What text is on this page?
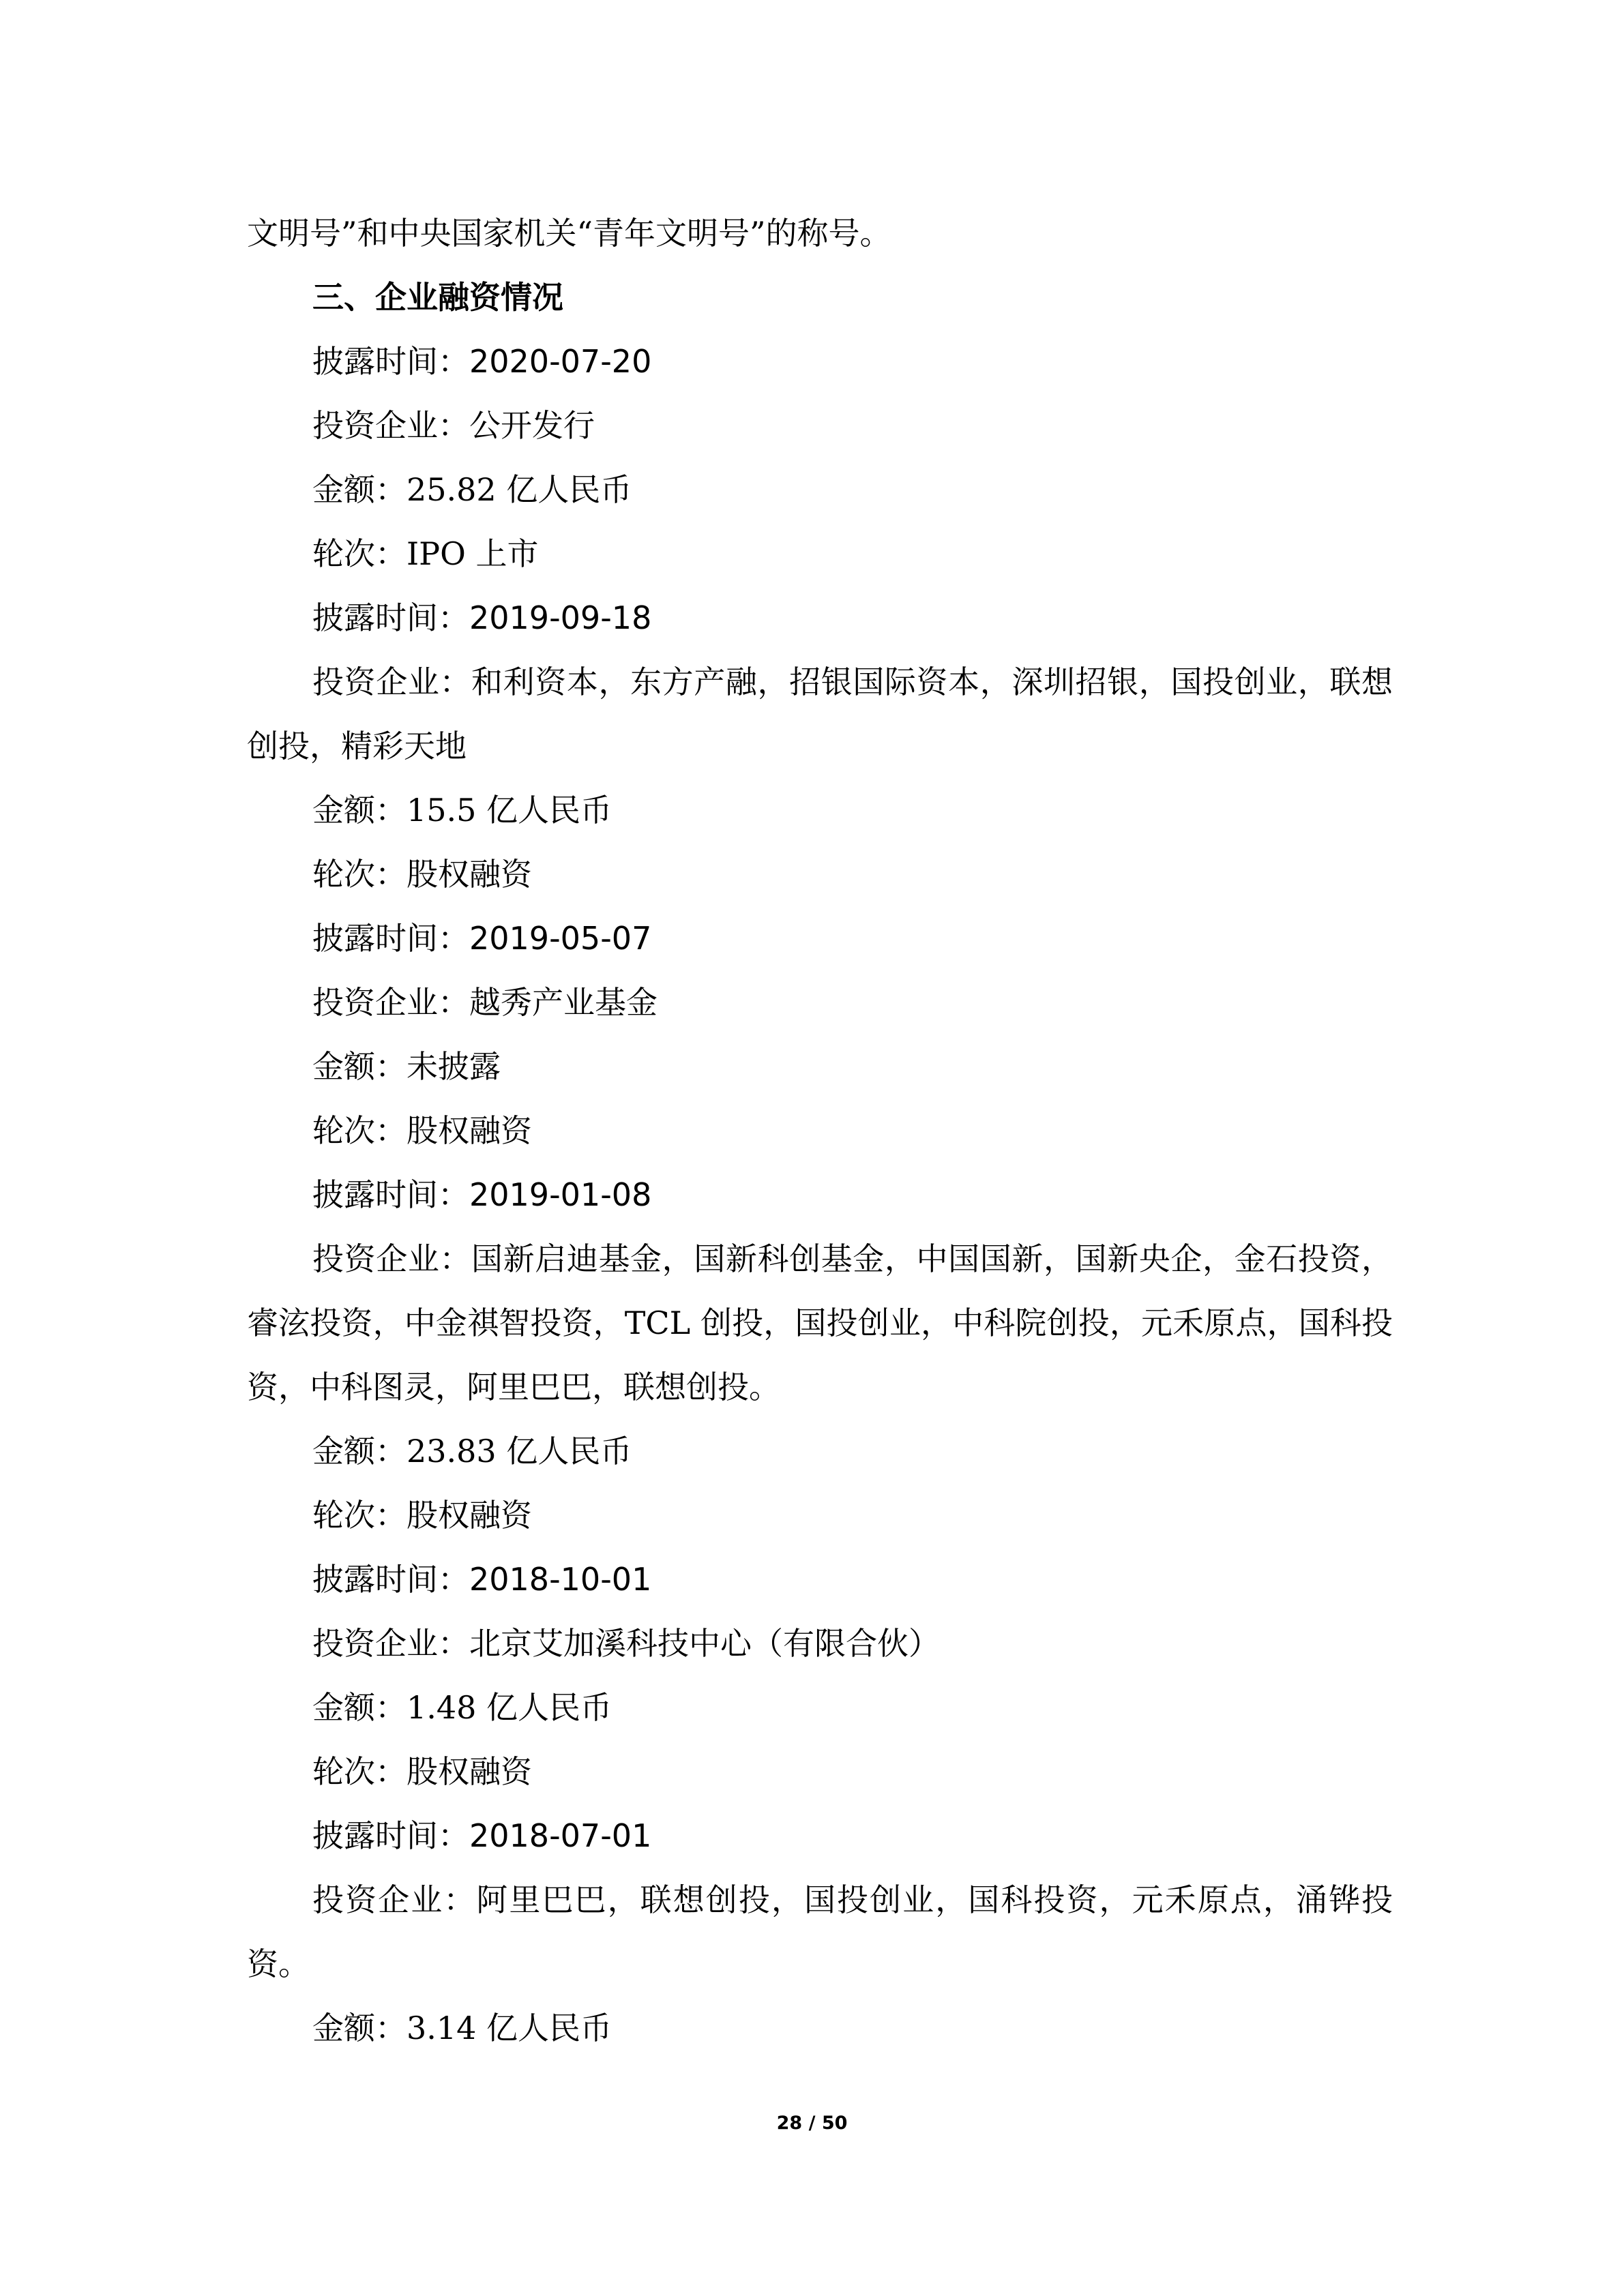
文明号”和中央国家机关“青年文明号”的称号。

三、企业融资情况
披露时间：2020-07-20

投资企业：公开发行

金额：25.82 亿人民币
轮次：IPO 上市
披露时间：2019-09-18

投资企业：和利资本，东方产融，招银国际资本，深圳招银，国投创业，联想创投，精彩天地

金额：15.5 亿人民币
轮次：股权融资
披露时间：2019-05-07

投资企业：越秀产业基金

金额：未披露
轮次：股权融资
披露时间：2019-01-08

投资企业：国新启迪基金，国新科创基金，中国国新，国新央企，金石投资，睿泫投资，中金祺智投资，TCL 创投，国投创业，中科院创投，元禾原点，国科投资，中科图灵，阿里巴巴，联想创投。

金额：23.83 亿人民币
轮次：股权融资
披露时间：2018-10-01

投资企业：北京艾加溪科技中心（有限合伙）

金额：1.48 亿人民币
轮次：股权融资
披露时间：2018-07-01

投资企业：阿里巴巴，联想创投，国投创业，国科投资，元禾原点，涌铧投资。

金额：3.14 亿人民币
28 / 50
